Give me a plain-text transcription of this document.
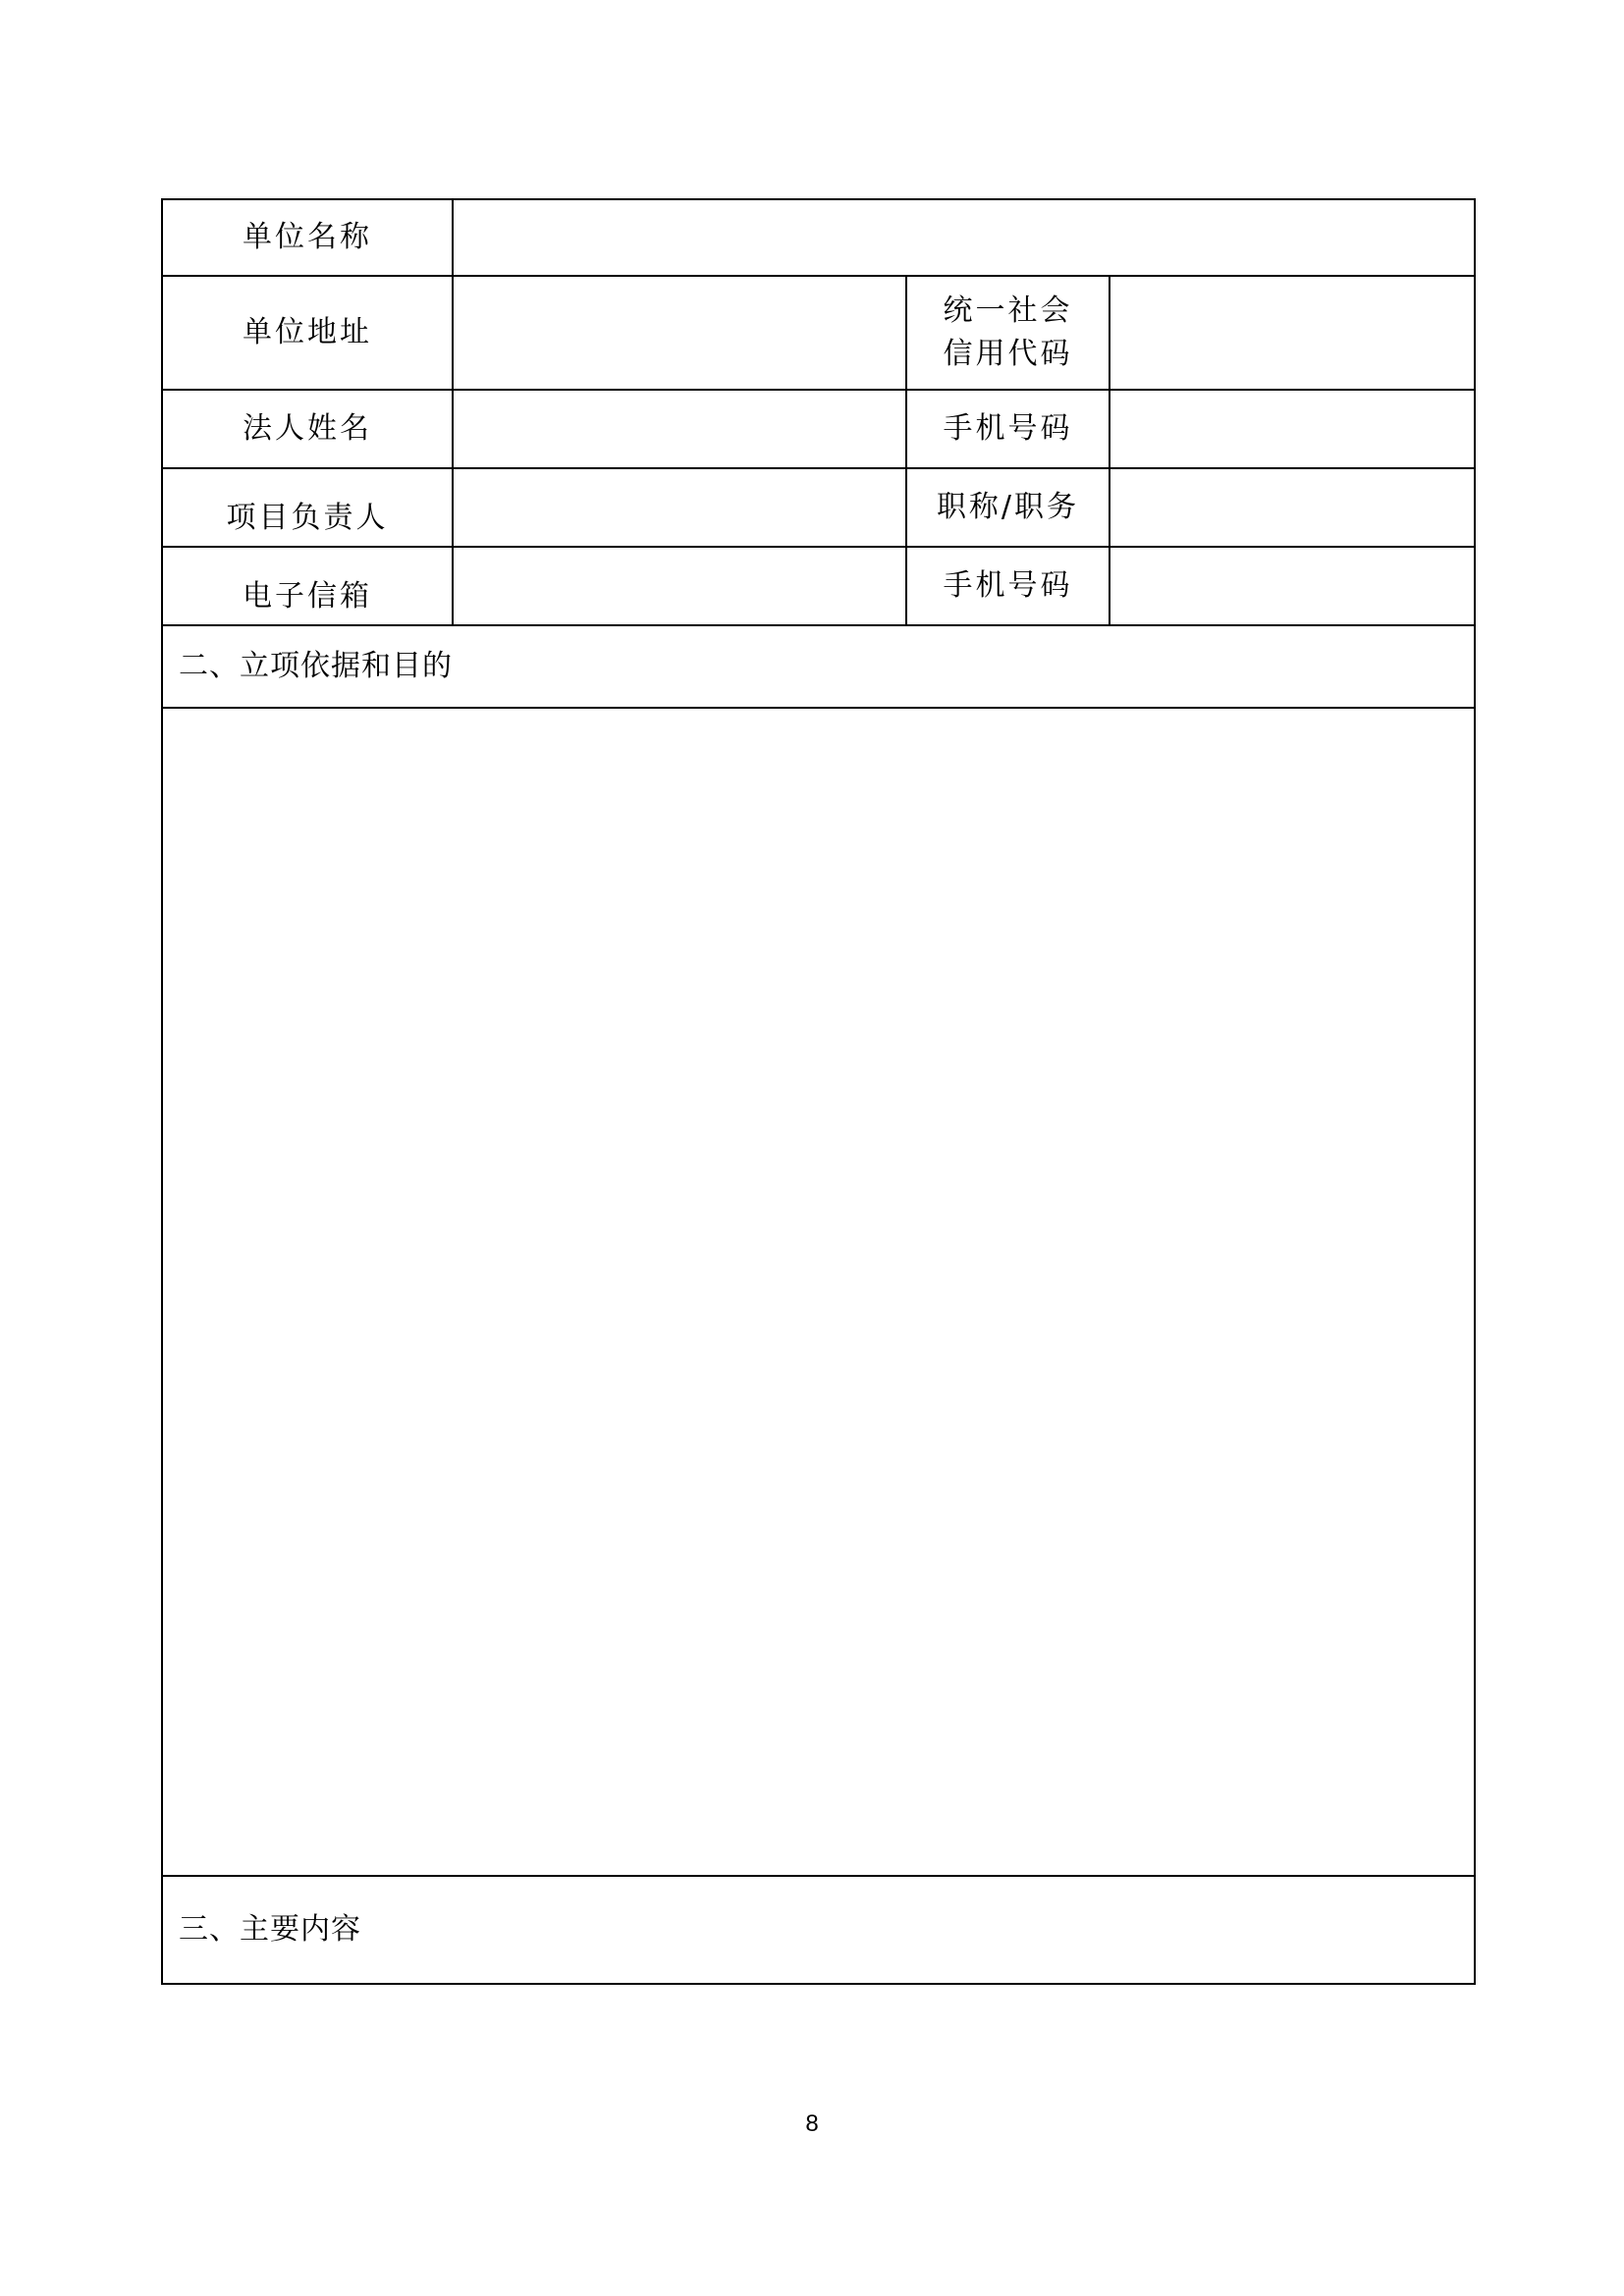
单位名称			
单位地址		统一社会
信用代码	

法人姓名		手机号码	
项目负责人		职称/职务	
电子信箱		手机号码	
二、立项依据和目的			

三、主要内容			
8
